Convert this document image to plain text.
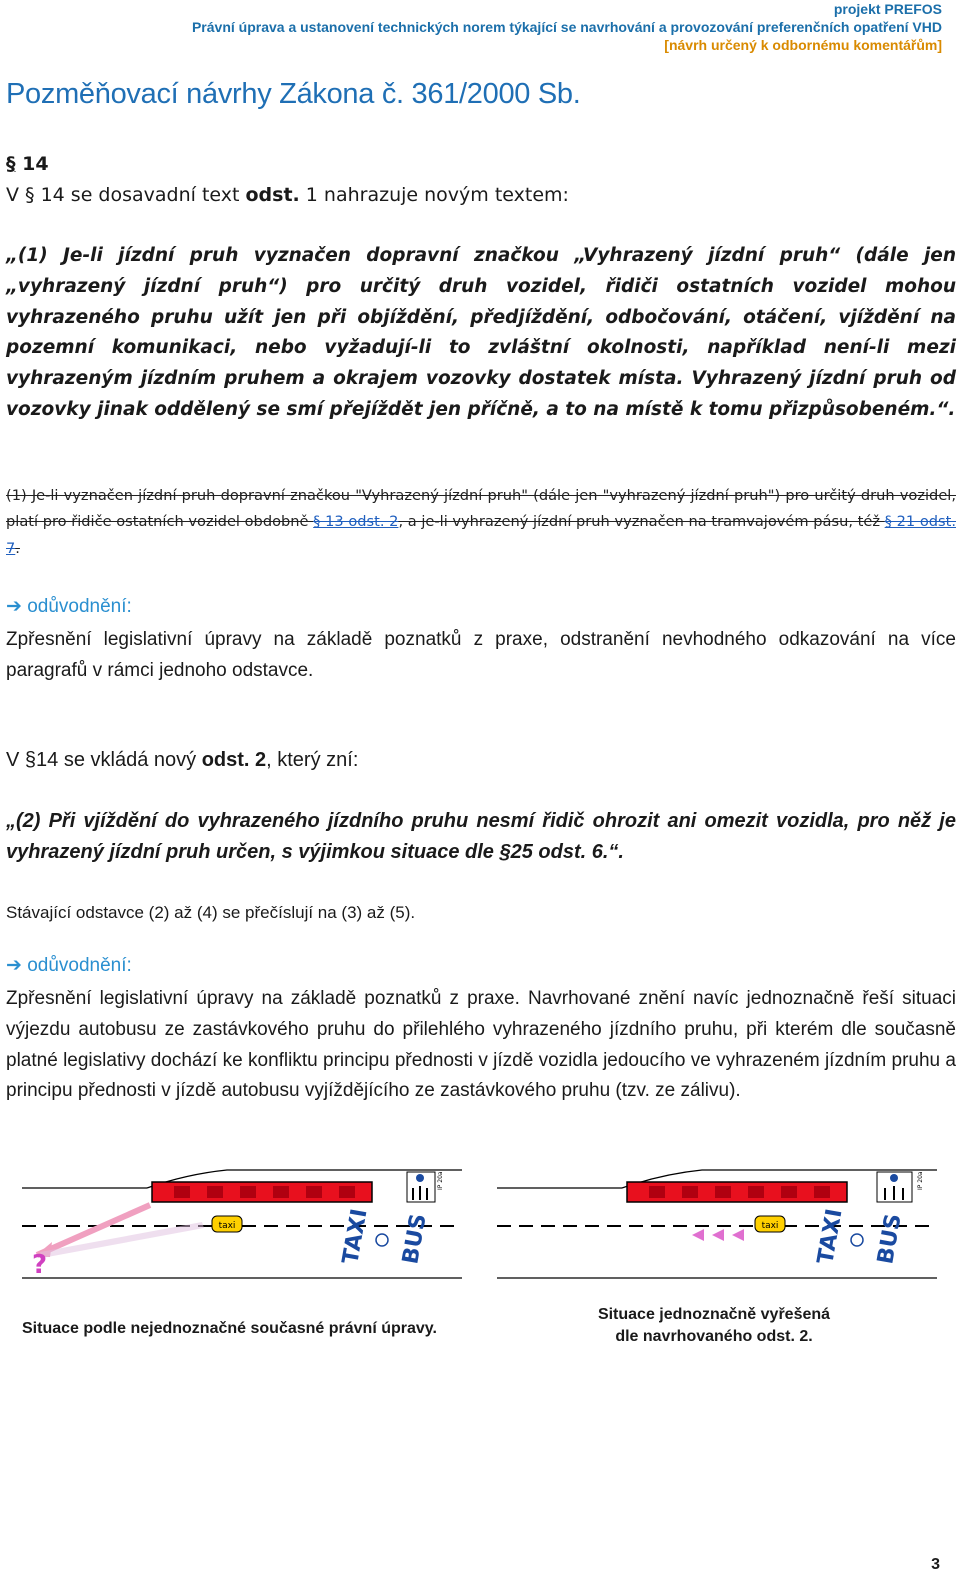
projekt PREFOS
Právní úprava a ustanovení technických norem týkající se navrhování a provozování preferenčních opatření VHD
[návrh určený k odbornému komentářům]
Pozměňovací návrhy Zákona č. 361/2000 Sb.
§ 14
V § 14 se dosavadní text odst. 1 nahrazuje novým textem:
„(1) Je-li jízdní pruh vyznačen dopravní značkou „Vyhrazený jízdní pruh“ (dále jen „vyhrazený jízdní pruh“) pro určitý druh vozidel, řidiči ostatních vozidel mohou vyhrazeného pruhu užít jen při objíždění, předjíždění, odbočování, otáčení, vjíždění na pozemní komunikaci, nebo vyžadují-li to zvláštní okolnosti, například není-li mezi vyhrazeným jízdním pruhem a okrajem vozovky dostatek místa. Vyhrazený jízdní pruh od vozovky jinak oddělený se smí přejíždět jen příčně, a to na místě k tomu přizpůsobeném.“.
(1) Je-li vyznačen jízdní pruh dopravní značkou "Vyhrazený jízdní pruh" (dále jen "vyhrazený jízdní pruh") pro určitý druh vozidel, platí pro řidiče ostatních vozidel obdobně § 13 odst. 2, a je-li vyhrazený jízdní pruh vyznačen na tramvajovém pásu, též § 21 odst. 7.
➔ odůvodnění:
Zpřesnění legislativní úpravy na základě poznatků z praxe, odstranění nevhodného odkazování na více paragrafů v rámci jednoho odstavce.
V §14 se vkládá nový odst. 2, který zní:
„(2) Při vjíždění do vyhrazeného jízdního pruhu nesmí řidič ohrozit ani omezit vozidla, pro něž je vyhrazený jízdní pruh určen, s výjimkou situace dle §25 odst. 6.“.
Stávající odstavce (2) až (4) se přečíslují na (3) až (5).
➔ odůvodnění:
Zpřesnění legislativní úpravy na základě poznatků z praxe. Navrhované znění navíc jednoznačně řeší situaci výjezdu autobusu ze zastávkového pruhu do přilehlého vyhrazeného jízdního pruhu, při kterém dle současně platné legislativy dochází ke konfliktu principu přednosti v jízdě vozidla jedoucího ve vyhrazeném jízdním pruhu a principu přednosti v jízdě autobusu vyjíždějícího ze zastávkového pruhu (tzv. ze zálivu).
taxi
?	TAXI BUS
IP 20a
taxi TAXI BUS
IP 20a
Situace podle nejednoznačné současné právní úpravy.
Situace jednoznačně vyřešená
dle navrhovaného odst. 2.
3
